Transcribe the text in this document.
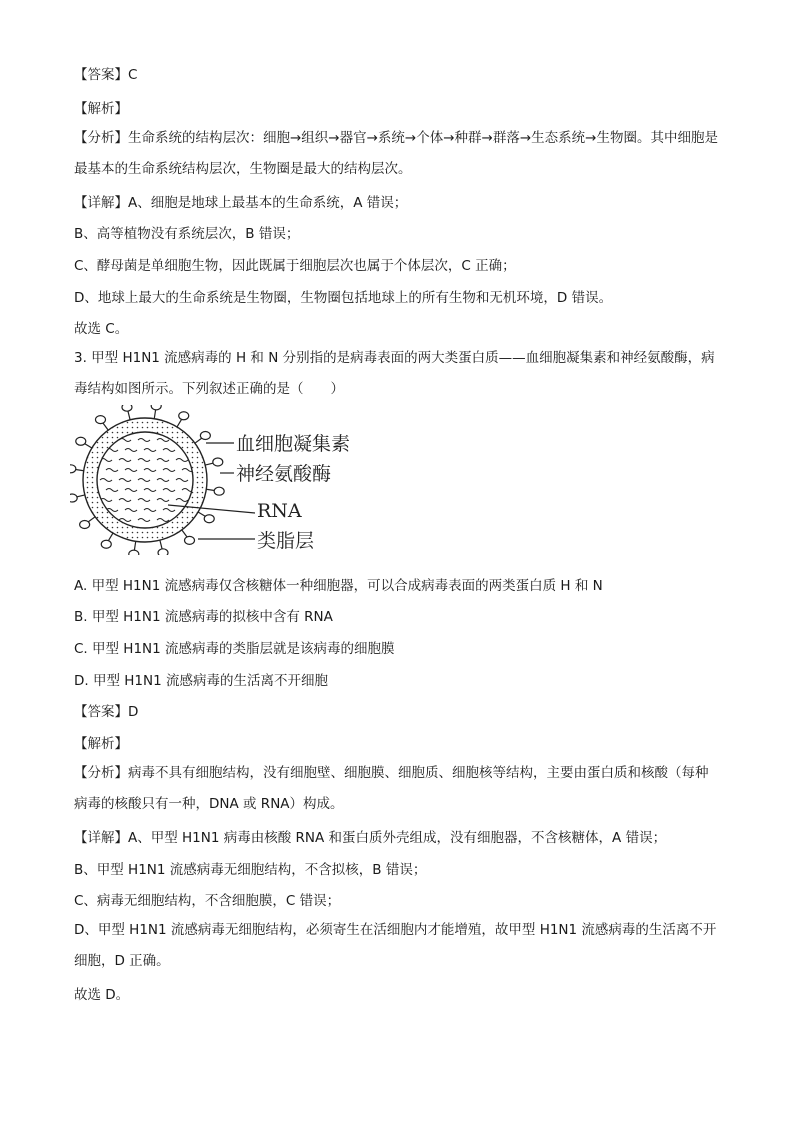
【答案】C
【解析】
【分析】生命系统的结构层次：细胞→组织→器官→系统→个体→种群→群落→生态系统→生物圈。其中细胞是最基本的生命系统结构层次，生物圈是最大的结构层次。
【详解】A、细胞是地球上最基本的生命系统，A 错误；
B、高等植物没有系统层次，B 错误；
C、酵母菌是单细胞生物，因此既属于细胞层次也属于个体层次，C 正确；
D、地球上最大的生命系统是生物圈，生物圈包括地球上的所有生物和无机环境，D 错误。
故选 C。
3. 甲型 H1N1 流感病毒的 H 和 N 分别指的是病毒表面的两大类蛋白质——血细胞凝集素和神经氨酸酶，病毒结构如图所示。下列叙述正确的是（　　）
血细胞凝集素
神经氨酸酶
RNA
类脂层
A. 甲型 H1N1 流感病毒仅含核糖体一种细胞器，可以合成病毒表面的两类蛋白质 H 和 N
B. 甲型 H1N1 流感病毒的拟核中含有 RNA
C. 甲型 H1N1 流感病毒的类脂层就是该病毒的细胞膜
D. 甲型 H1N1 流感病毒的生活离不开细胞
【答案】D
【解析】
【分析】病毒不具有细胞结构，没有细胞壁、细胞膜、细胞质、细胞核等结构，主要由蛋白质和核酸（每种病毒的核酸只有一种，DNA 或 RNA）构成。
【详解】A、甲型 H1N1 病毒由核酸 RNA 和蛋白质外壳组成，没有细胞器，不含核糖体，A 错误；
B、甲型 H1N1 流感病毒无细胞结构，不含拟核，B 错误；
C、病毒无细胞结构，不含细胞膜，C 错误；
D、甲型 H1N1 流感病毒无细胞结构，必须寄生在活细胞内才能增殖，故甲型 H1N1 流感病毒的生活离不开细胞，D 正确。
故选 D。
